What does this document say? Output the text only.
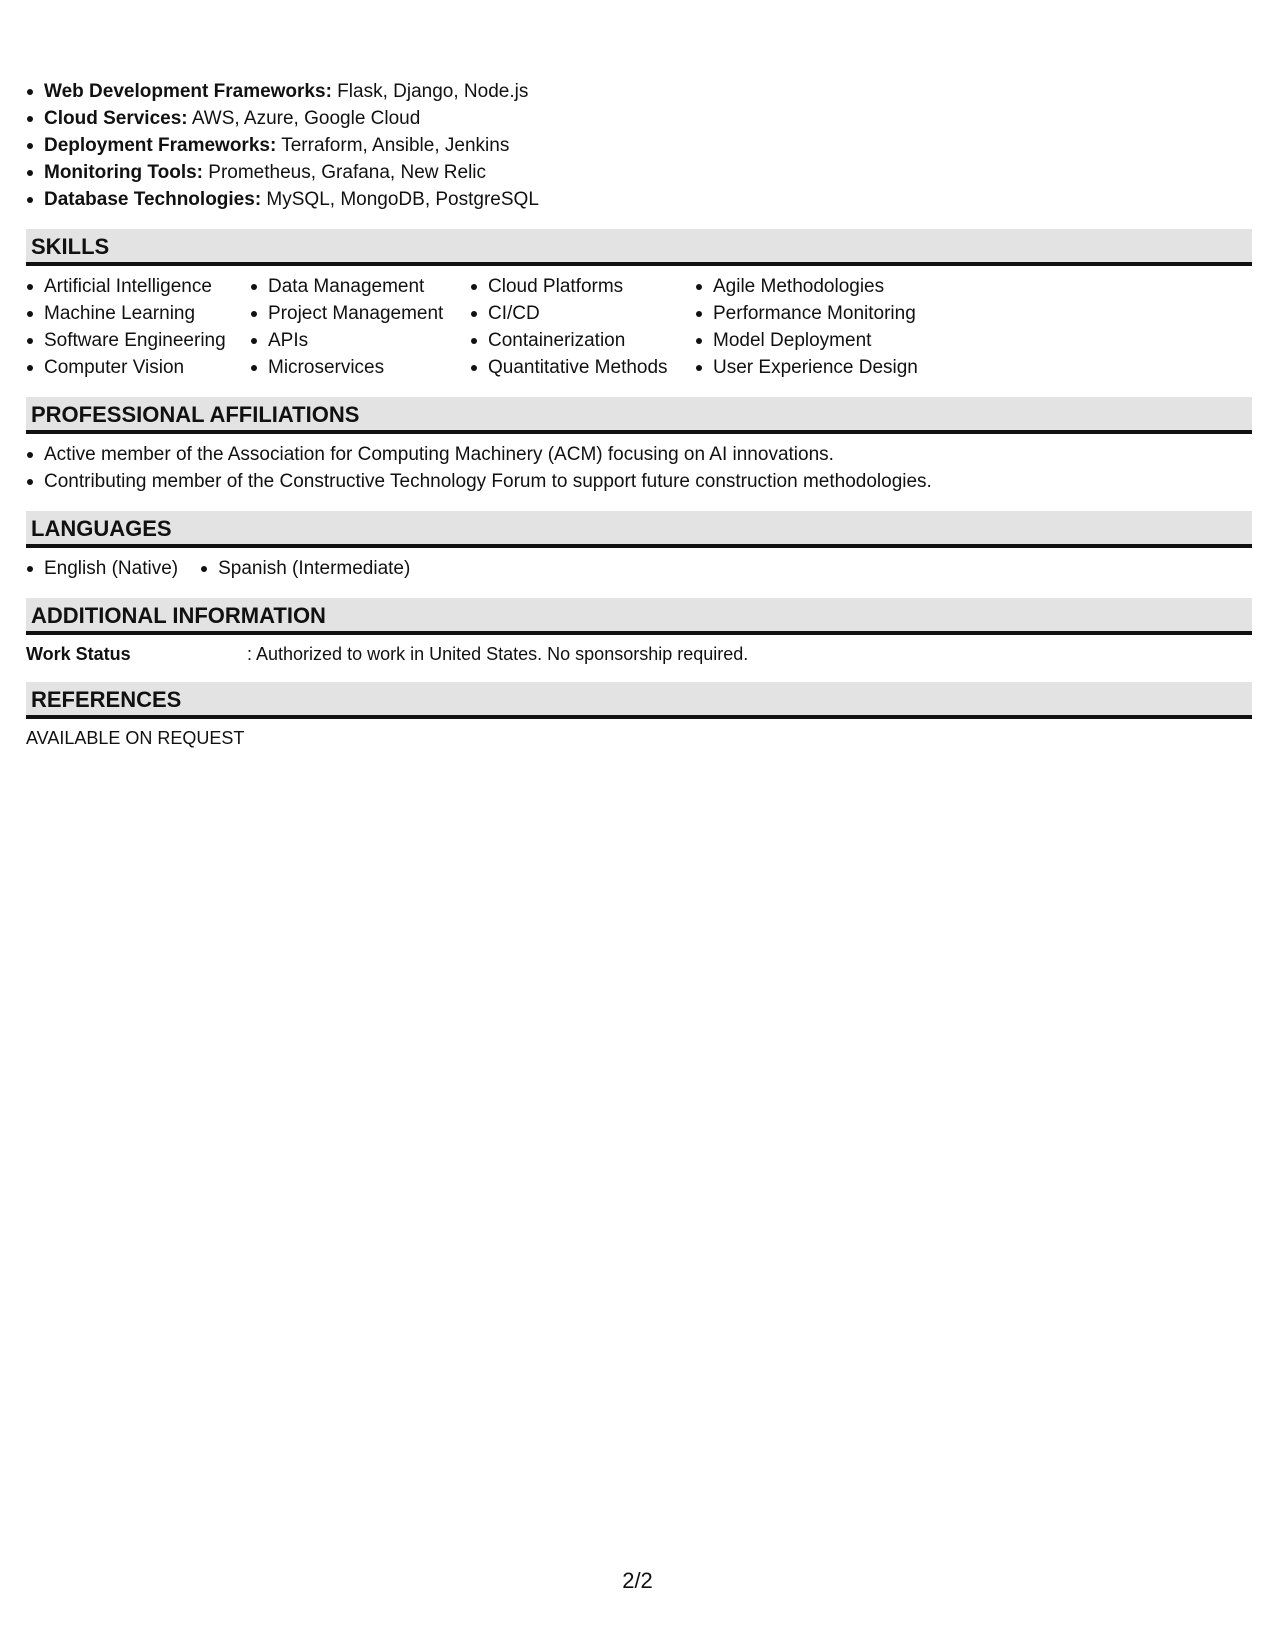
Web Development Frameworks: Flask, Django, Node.js
Cloud Services: AWS, Azure, Google Cloud
Deployment Frameworks: Terraform, Ansible, Jenkins
Monitoring Tools: Prometheus, Grafana, New Relic
Database Technologies: MySQL, MongoDB, PostgreSQL
SKILLS
Artificial Intelligence
Machine Learning
Software Engineering
Computer Vision
Data Management
Project Management
APIs
Microservices
Cloud Platforms
CI/CD
Containerization
Quantitative Methods
Agile Methodologies
Performance Monitoring
Model Deployment
User Experience Design
PROFESSIONAL AFFILIATIONS
Active member of the Association for Computing Machinery (ACM) focusing on AI innovations.
Contributing member of the Constructive Technology Forum to support future construction methodologies.
LANGUAGES
English (Native)	Spanish (Intermediate)
ADDITIONAL INFORMATION
Work Status	: Authorized to work in United States. No sponsorship required.
REFERENCES
AVAILABLE ON REQUEST
2/2
